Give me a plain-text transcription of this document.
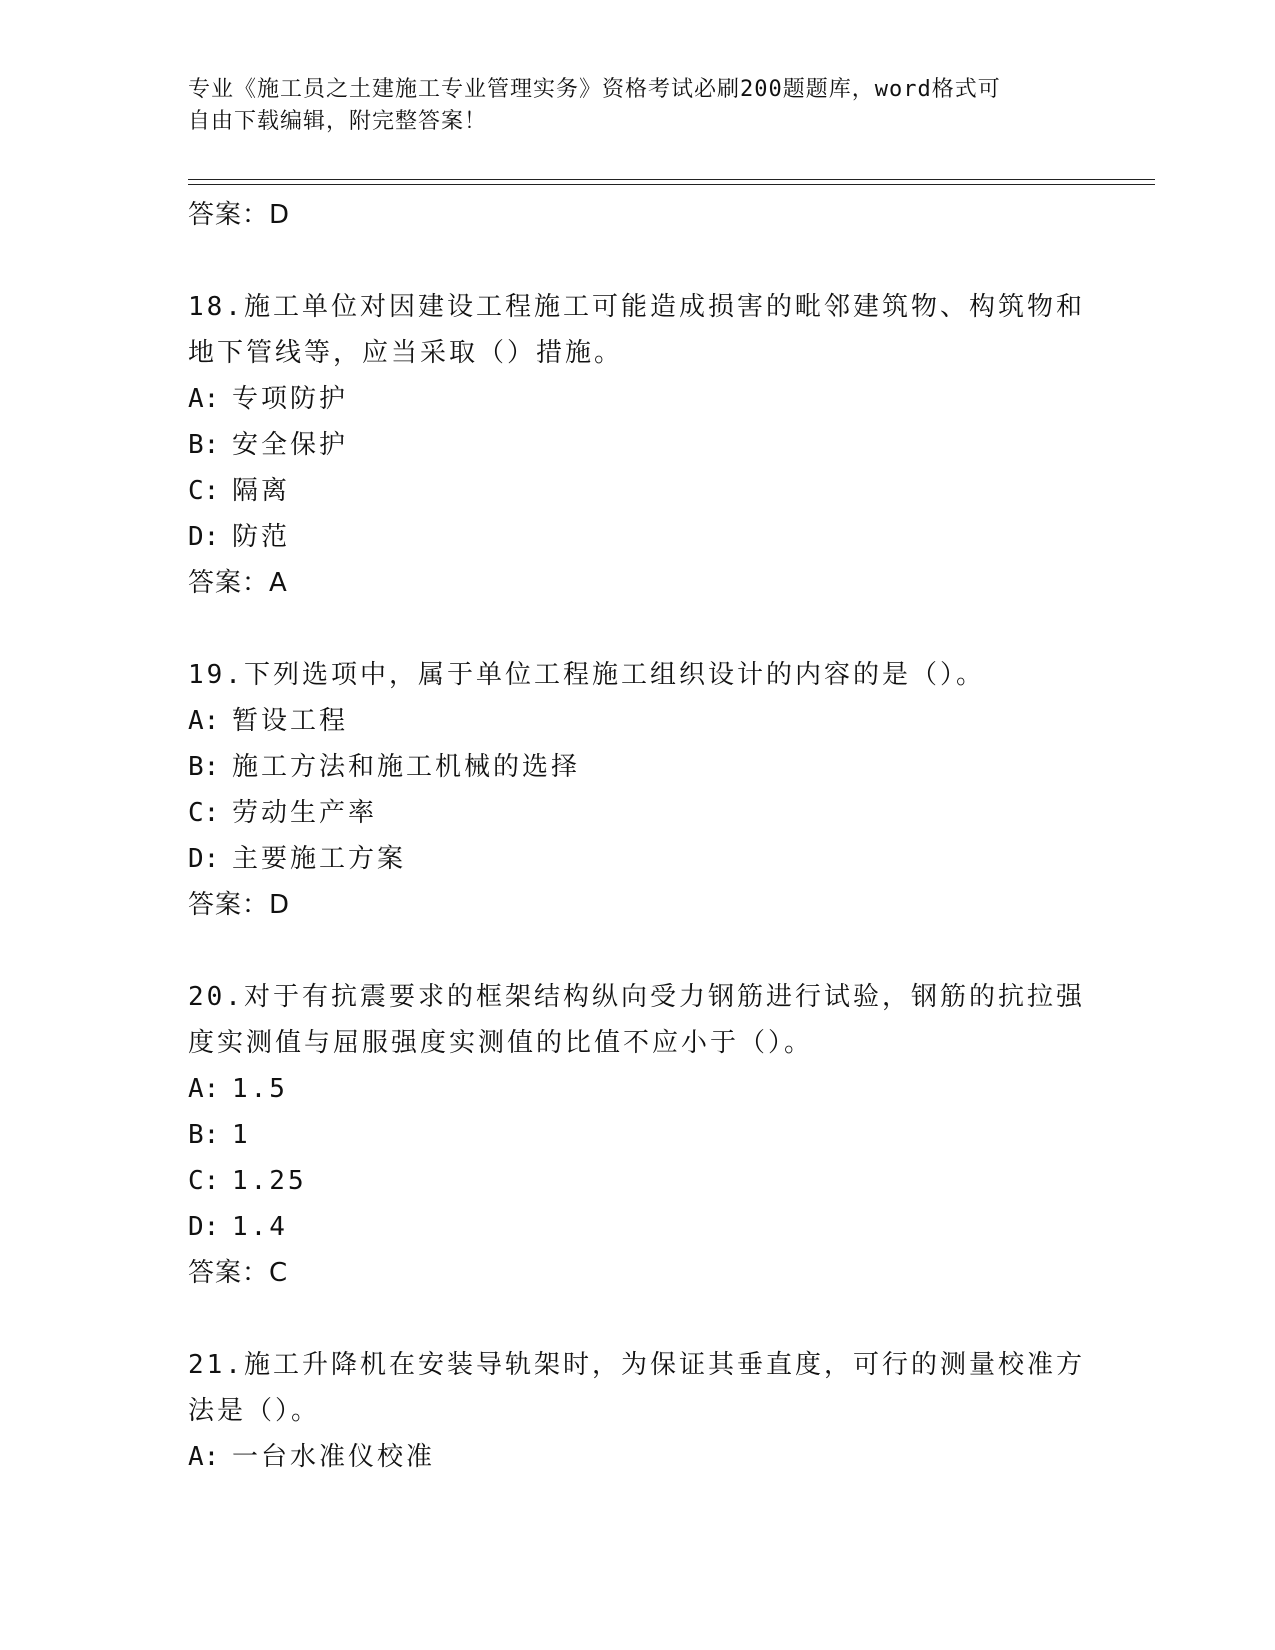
专业《施工员之土建施工专业管理实务》资格考试必刷200题题库，word格式可
自由下载编辑，附完整答案！
答案：D
18.施工单位对因建设工程施工可能造成损害的毗邻建筑物、构筑物和
地下管线等，应当采取（）措施。
A: 专项防护
B: 安全保护
C: 隔离
D: 防范
答案：A
19.下列选项中，属于单位工程施工组织设计的内容的是（）。
A: 暂设工程
B: 施工方法和施工机械的选择
C: 劳动生产率
D: 主要施工方案
答案：D
20.对于有抗震要求的框架结构纵向受力钢筋进行试验，钢筋的抗拉强
度实测值与屈服强度实测值的比值不应小于（）。
A: 1.5
B: 1
C: 1.25
D: 1.4
答案：C
21.施工升降机在安装导轨架时，为保证其垂直度，可行的测量校准方
法是（）。
A: 一台水准仪校准
